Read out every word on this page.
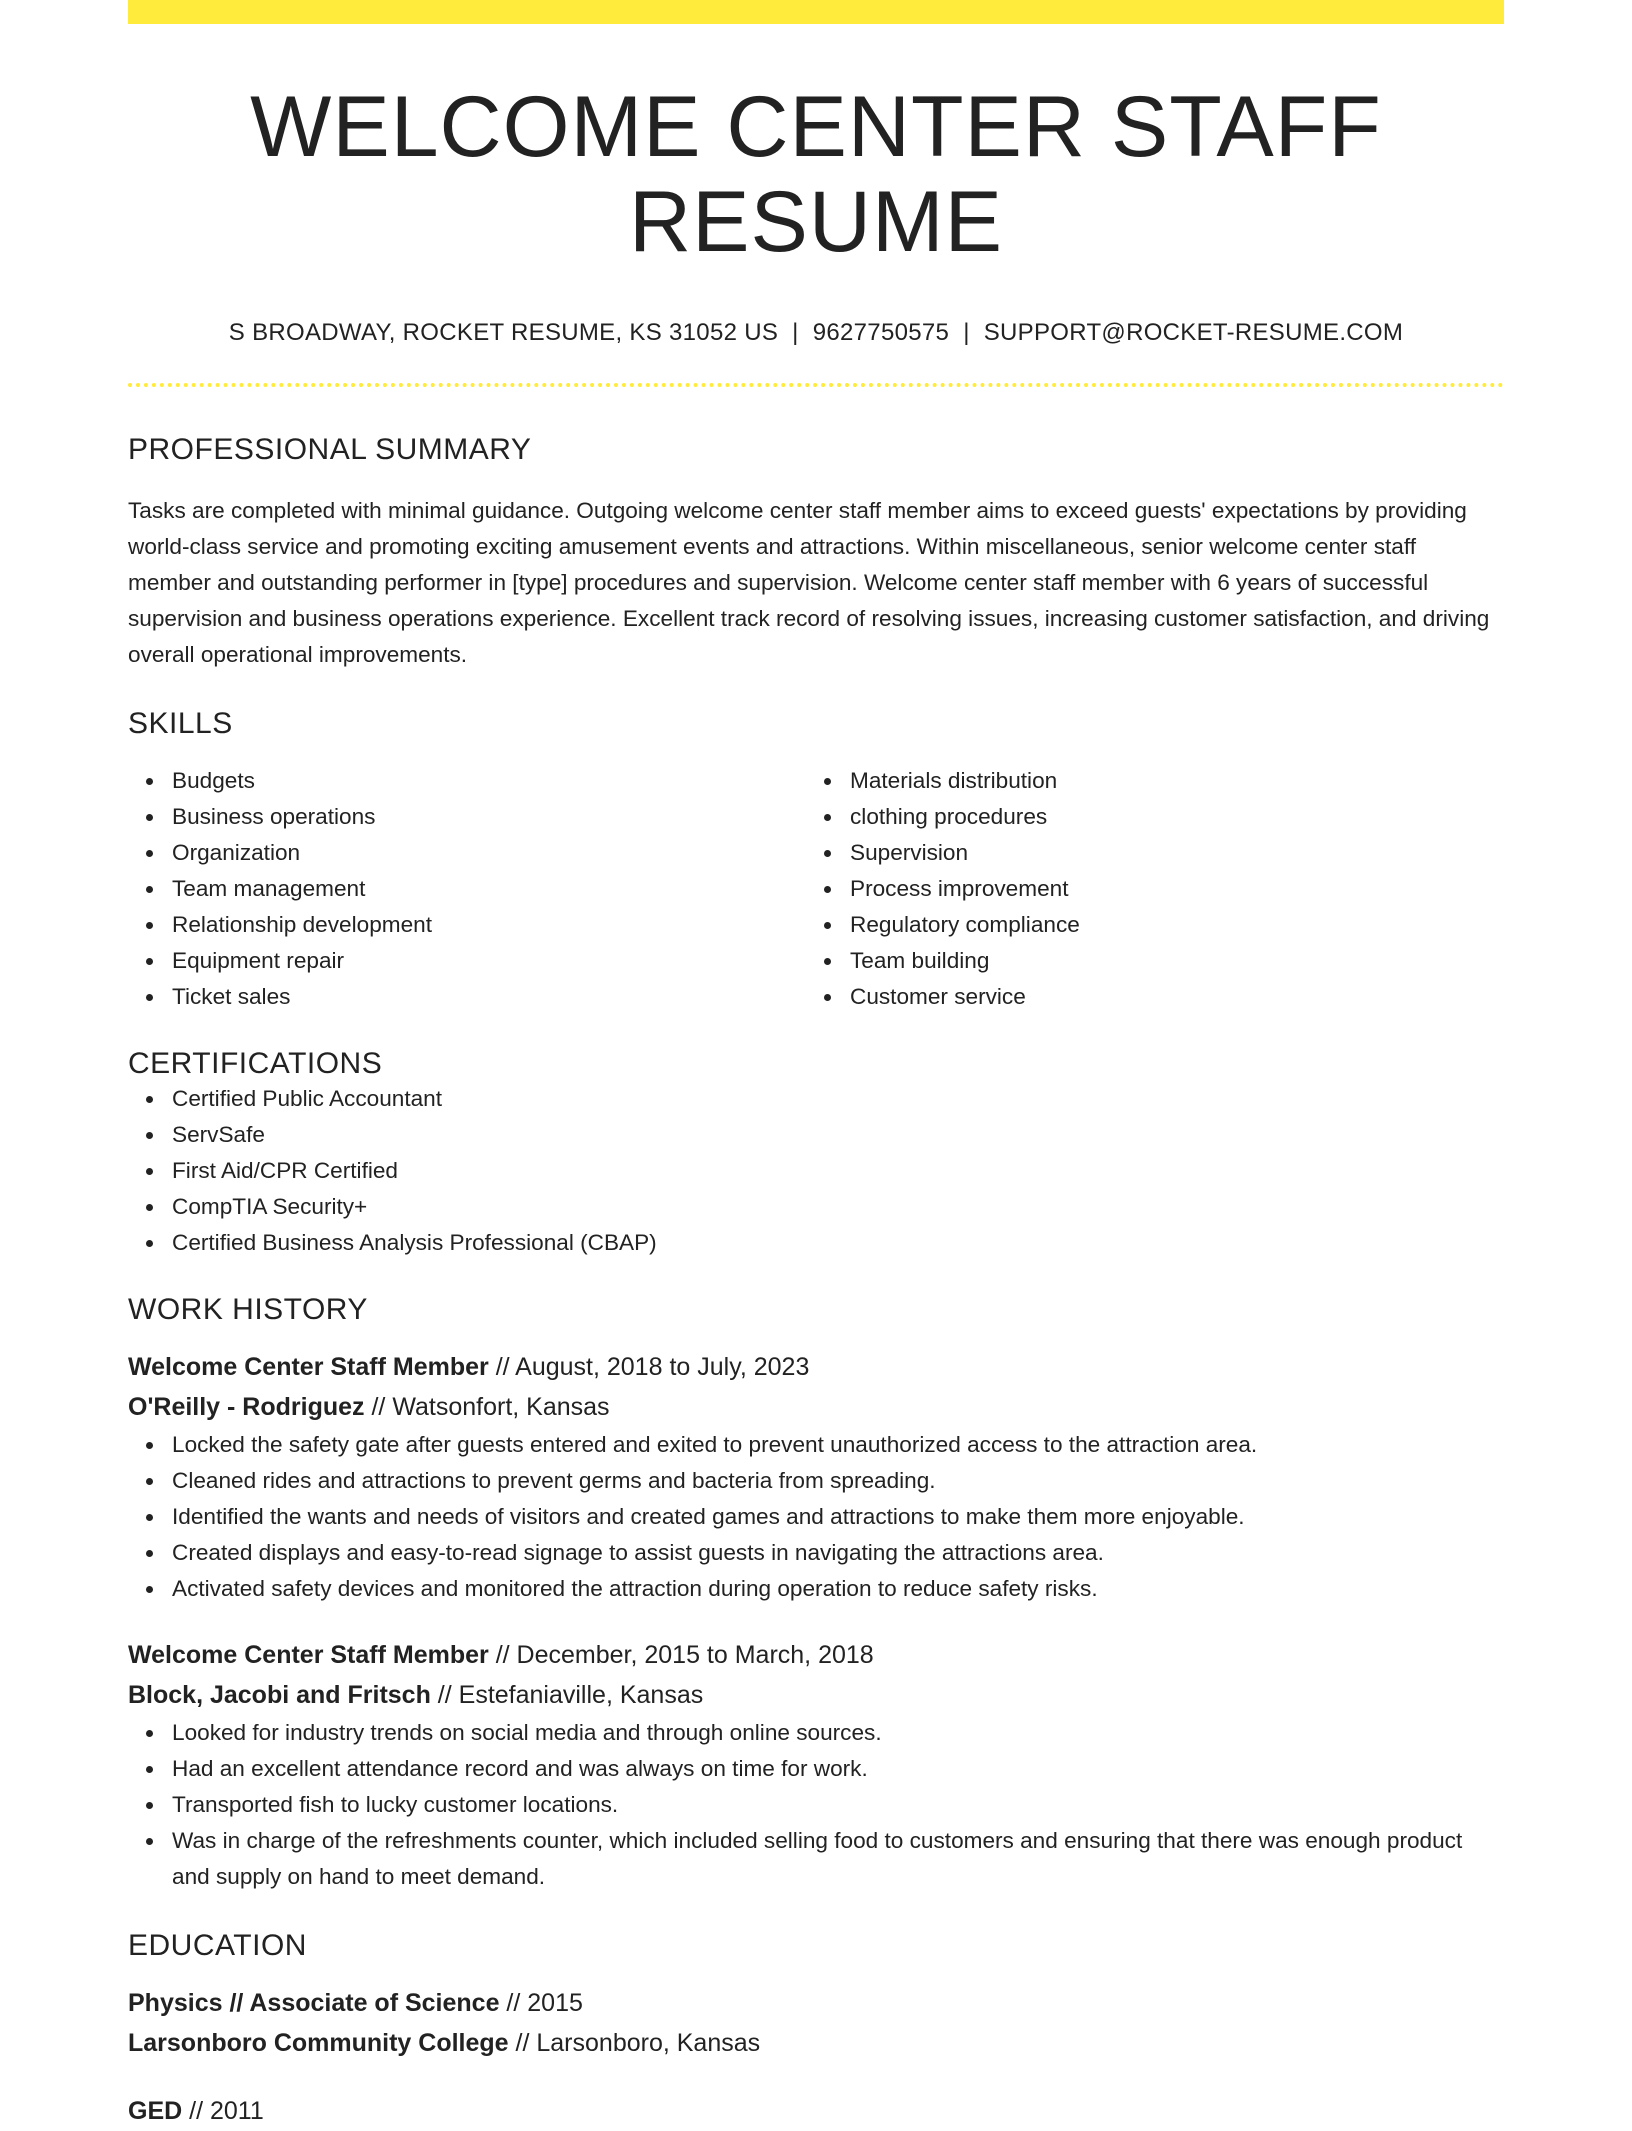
WELCOME CENTER STAFF RESUME
S BROADWAY, ROCKET RESUME, KS 31052 US | 9627750575 | SUPPORT@ROCKET-RESUME.COM
PROFESSIONAL SUMMARY

Tasks are completed with minimal guidance. Outgoing welcome center staff member aims to exceed guests' expectations by providing world-class service and promoting exciting amusement events and attractions. Within miscellaneous, senior welcome center staff member and outstanding performer in [type] procedures and supervision. Welcome center staff member with 6 years of successful supervision and business operations experience. Excellent track record of resolving issues, increasing customer satisfaction, and driving overall operational improvements.

SKILLS
Budgets
Business operations
Organization
Team management
Relationship development
Equipment repair
Ticket sales
Materials distribution
clothing procedures
Supervision
Process improvement
Regulatory compliance
Team building
Customer service
CERTIFICATIONS
Certified Public Accountant
ServSafe
First Aid/CPR Certified
CompTIA Security+
Certified Business Analysis Professional (CBAP)
WORK HISTORY
Welcome Center Staff Member // August, 2018 to July, 2023
O'Reilly - Rodriguez // Watsonfort, Kansas
Locked the safety gate after guests entered and exited to prevent unauthorized access to the attraction area.
Cleaned rides and attractions to prevent germs and bacteria from spreading.
Identified the wants and needs of visitors and created games and attractions to make them more enjoyable.
Created displays and easy-to-read signage to assist guests in navigating the attractions area.
Activated safety devices and monitored the attraction during operation to reduce safety risks.
Welcome Center Staff Member // December, 2015 to March, 2018
Block, Jacobi and Fritsch // Estefaniaville, Kansas
Looked for industry trends on social media and through online sources.
Had an excellent attendance record and was always on time for work.
Transported fish to lucky customer locations.
Was in charge of the refreshments counter, which included selling food to customers and ensuring that there was enough product and supply on hand to meet demand.
EDUCATION
Physics // Associate of Science // 2015
Larsonboro Community College // Larsonboro, Kansas
GED // 2011
